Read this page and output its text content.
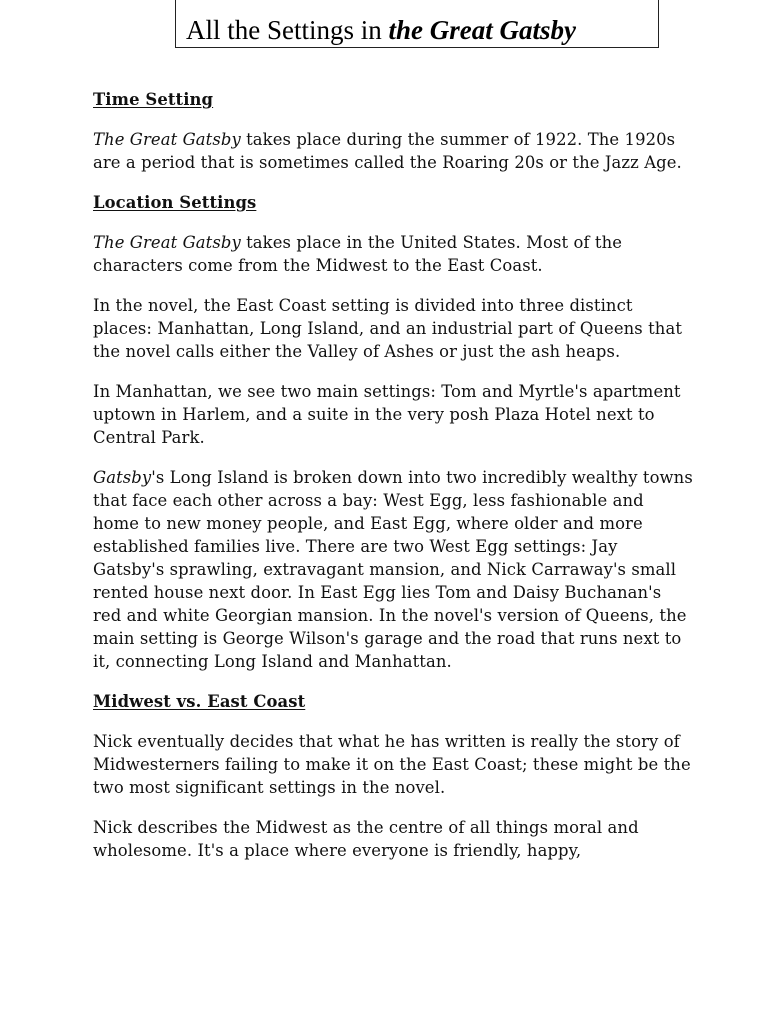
All the Settings in the Great Gatsby
Time Setting

The Great Gatsby takes place during the summer of 1922. The 1920s are a period that is sometimes called the Roaring 20s or the Jazz Age.

Location Settings

The Great Gatsby takes place in the United States. Most of the characters come from the Midwest to the East Coast.

In the novel, the East Coast setting is divided into three distinct places: Manhattan, Long Island, and an industrial part of Queens that the novel calls either the Valley of Ashes or just the ash heaps.

In Manhattan, we see two main settings: Tom and Myrtle's apartment uptown in Harlem, and a suite in the very posh Plaza Hotel next to Central Park.

Gatsby's Long Island is broken down into two incredibly wealthy towns that face each other across a bay: West Egg, less fashionable and home to new money people, and East Egg, where older and more established families live. There are two West Egg settings: Jay Gatsby's sprawling, extravagant mansion, and Nick Carraway's small rented house next door. In East Egg lies Tom and Daisy Buchanan's red and white Georgian mansion. In the novel's version of Queens, the main setting is George Wilson's garage and the road that runs next to it, connecting Long Island and Manhattan.

Midwest vs. East Coast

Nick eventually decides that what he has written is really the story of Midwesterners failing to make it on the East Coast; these might be the two most significant settings in the novel.

Nick describes the Midwest as the centre of all things moral and wholesome. It's a place where everyone is friendly, happy,
